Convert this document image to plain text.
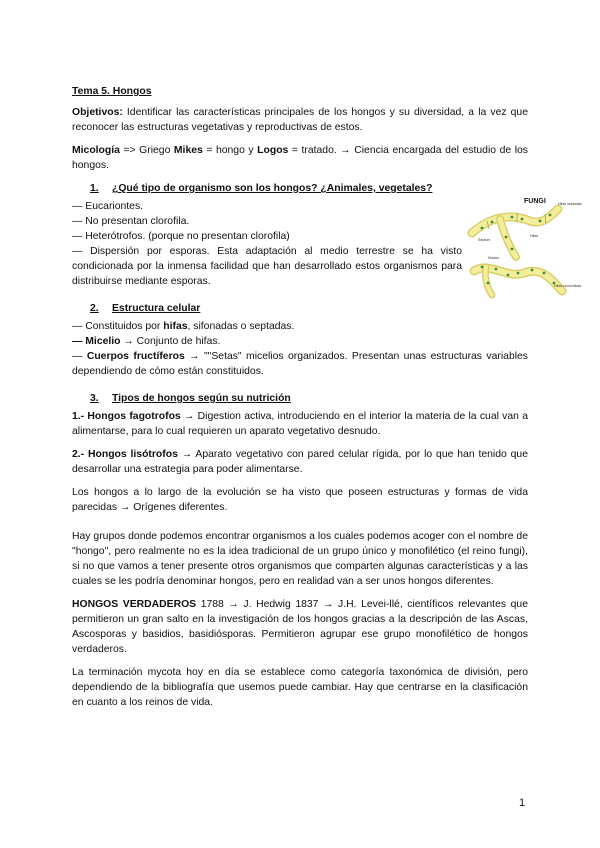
Tema 5. Hongos

Objetivos: Identificar las características principales de los hongos y su diversidad, a la vez que reconocer las estructuras vegetativas y reproductivas de estos.

Micología => Griego Mikes = hongo y Logos = tratado. → Ciencia encargada del estudio de los hongos.

1.	¿Qué tipo de organismo son los hongos? ¿Animales, vegetales?

— Eucariontes.

— No presentan clorofila.

— Heterótrofos. (porque no presentan clorofila)

— Dispersión por esporas. Esta adaptación al medio terrestre se ha visto condicionada por la inmensa facilidad que han desarrollado estos organismos para distribuirse mediante esporas.

2.	Estructura celular

— Constituidos por hifas, sifonadas o septadas.

— Micelio → Conjunto de hifas.

— Cuerpos fructíferos → ""Setas" micelios organizados. Presentan unas estructuras variables dependiendo de cómo están constituidos.

3.	Tipos de hongos según su nutrición

1.- Hongos fagotrofos → Digestion activa, introduciendo en el interior la materia de la cual van a alimentarse, para lo cual requieren un aparato vegetativo desnudo.

2.- Hongos lisótrofos → Aparato vegetativo con pared celular rígida, por lo que han tenido que desarrollar una estrategia para poder alimentarse.

Los hongos a lo largo de la evolución se ha visto que poseen estructuras y formas de vida parecidas → Orígenes diferentes.

Hay grupos donde podemos encontrar organismos a los cuales podemos acoger con el nombre de "hongo", pero realmente no es la idea tradicional de un grupo único y monofilético (el reino fungi), si no que vamos a tener presente otros organismos que comparten algunas características y a las cuales se les podría denominar hongos, pero en realidad van a ser unos hongos diferentes.

HONGOS VERDADEROS 1788 → J. Hedwig 1837 → J.H. Levei-llé, científicos relevantes que permitieron un gran salto en la investigación de los hongos gracias a la descripción de las Ascas, Ascosporas y basidios, basidiósporas. Permitieron agrupar ese grupo monofilético de hongos verdaderos.

La terminación mycota hoy en día se establece como categoría taxonómica de división, pero dependiendo de la bibliografía que usemos puede cambiar. Hay que centrarse en la clasificación en cuanto a los reinos de vida.

FUNGI	Hifas septadas
Septum
Hifas
Núcleo
Hifas cenocíticas
1
